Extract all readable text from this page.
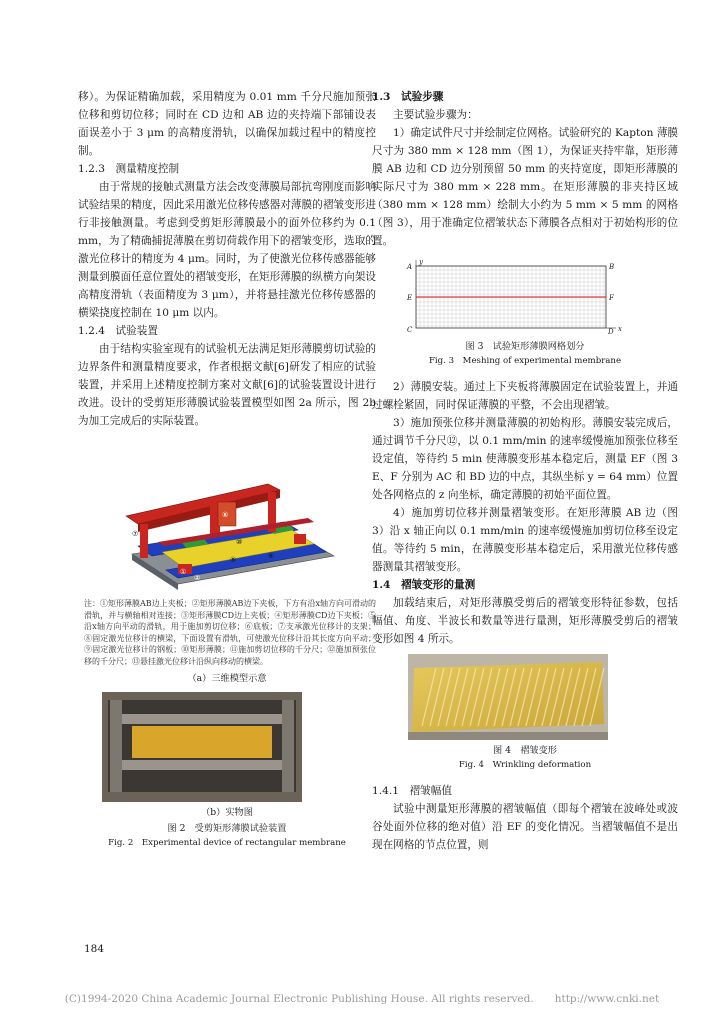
移）。为保证精确加载，采用精度为 0.01 mm 千分尺施加预张位移和剪切位移；同时在 CD 边和 AB 边的夹持端下部铺设表面误差小于 3 μm 的高精度滑轨，以确保加载过程中的精度控制。

1.2.3　测量精度控制

由于常规的接触式测量方法会改变薄膜局部抗弯刚度而影响试验结果的精度，因此采用激光位移传感器对薄膜的褶皱变形进行非接触测量。考虑到受剪矩形薄膜最小的面外位移约为 0.1 mm，为了精确捕捉薄膜在剪切荷载作用下的褶皱变形，选取的激光位移计的精度为 4 μm。同时，为了使激光位移传感器能够测量到膜面任意位置处的褶皱变形，在矩形薄膜的纵横方向架设高精度滑轨（表面精度为 3 μm），并将悬挂激光位移传感器的横梁挠度控制在 10 μm 以内。

1.2.4　试验装置

由于结构实验室现有的试验机无法满足矩形薄膜剪切试验的边界条件和测量精度要求，作者根据文献[6]研发了相应的试验装置，并采用上述精度控制方案对文献[6]的试验装置设计进行改进。设计的受剪矩形薄膜试验装置模型如图 2a 所示，图 2b 为加工完成后的实际装置。

①
②
⑤	⑥
⑦
⑧
⑩

注：①矩形薄膜AB边上夹板；②矩形薄膜AB边下夹板，下方有沿x轴方向可滑动的滑轨，并与横轴相对连接；③矩形薄膜CD边上夹板；④矩形薄膜CD边下夹板；⑤沿x轴方向平动的滑轨，用于施加剪切位移；⑥底板；⑦支承激光位移计的支架；⑧固定激光位移计的横梁，下面设置有滑轨，可使激光位移计沿其长度方向平动；⑨固定激光位移计的钢板；⑩矩形薄膜；⑪施加剪切位移的千分尺；⑫施加预张位移的千分尺；⑬悬挂激光位移计沿纵向移动的横梁。

（a）三维模型示意
（b）实物图
图 2　受剪矩形薄膜试验装置
Fig. 2　Experimental device of rectangular membrane
1.3　试验步骤

主要试验步骤为：

1）确定试件尺寸并绘制定位网格。试验研究的 Kapton 薄膜尺寸为 380 mm × 128 mm（图 1），为保证夹持牢靠，矩形薄膜 AB 边和 CD 边分别预留 50 mm 的夹持宽度，即矩形薄膜的实际尺寸为 380 mm × 228 mm。在矩形薄膜的非夹持区域（380 mm × 128 mm）绘制大小约为 5 mm × 5 mm 的网格（图 3），用于准确定位褶皱状态下薄膜各点相对于初始构形的位置。

A	B
E	F
C	D x
y
图 3　试验矩形薄膜网格划分
Fig. 3　Meshing of experimental membrane

2）薄膜安装。通过上下夹板将薄膜固定在试验装置上，并通过螺栓紧固，同时保证薄膜的平整，不会出现褶皱。

3）施加预张位移并测量薄膜的初始构形。薄膜安装完成后，通过调节千分尺⑫，以 0.1 mm/min 的速率缓慢施加预张位移至设定值，等待约 5 min 使薄膜变形基本稳定后，测量 EF（图 3 E、F 分别为 AC 和 BD 边的中点，其纵坐标 y = 64 mm）位置处各网格点的 z 向坐标，确定薄膜的初始平面位置。

4）施加剪切位移并测量褶皱变形。在矩形薄膜 AB 边（图 3）沿 x 轴正向以 0.1 mm/min 的速率缓慢施加剪切位移至设定值。等待约 5 min，在薄膜变形基本稳定后，采用激光位移传感器测量其褶皱变形。

1.4　褶皱变形的量测

加载结束后，对矩形薄膜受剪后的褶皱变形特征参数，包括幅值、角度、半波长和数量等进行量测，矩形薄膜受剪后的褶皱变形如图 4 所示。

图 4　褶皱变形
Fig. 4　Wrinkling deformation
1.4.1　褶皱幅值

试验中测量矩形薄膜的褶皱幅值（即每个褶皱在波峰处或波谷处面外位移的绝对值）沿 EF 的变化情况。当褶皱幅值不是出现在网格的节点位置，则

184
(C)1994-2020 China Academic Journal Electronic Publishing House. All rights reserved.　　http://www.cnki.net
